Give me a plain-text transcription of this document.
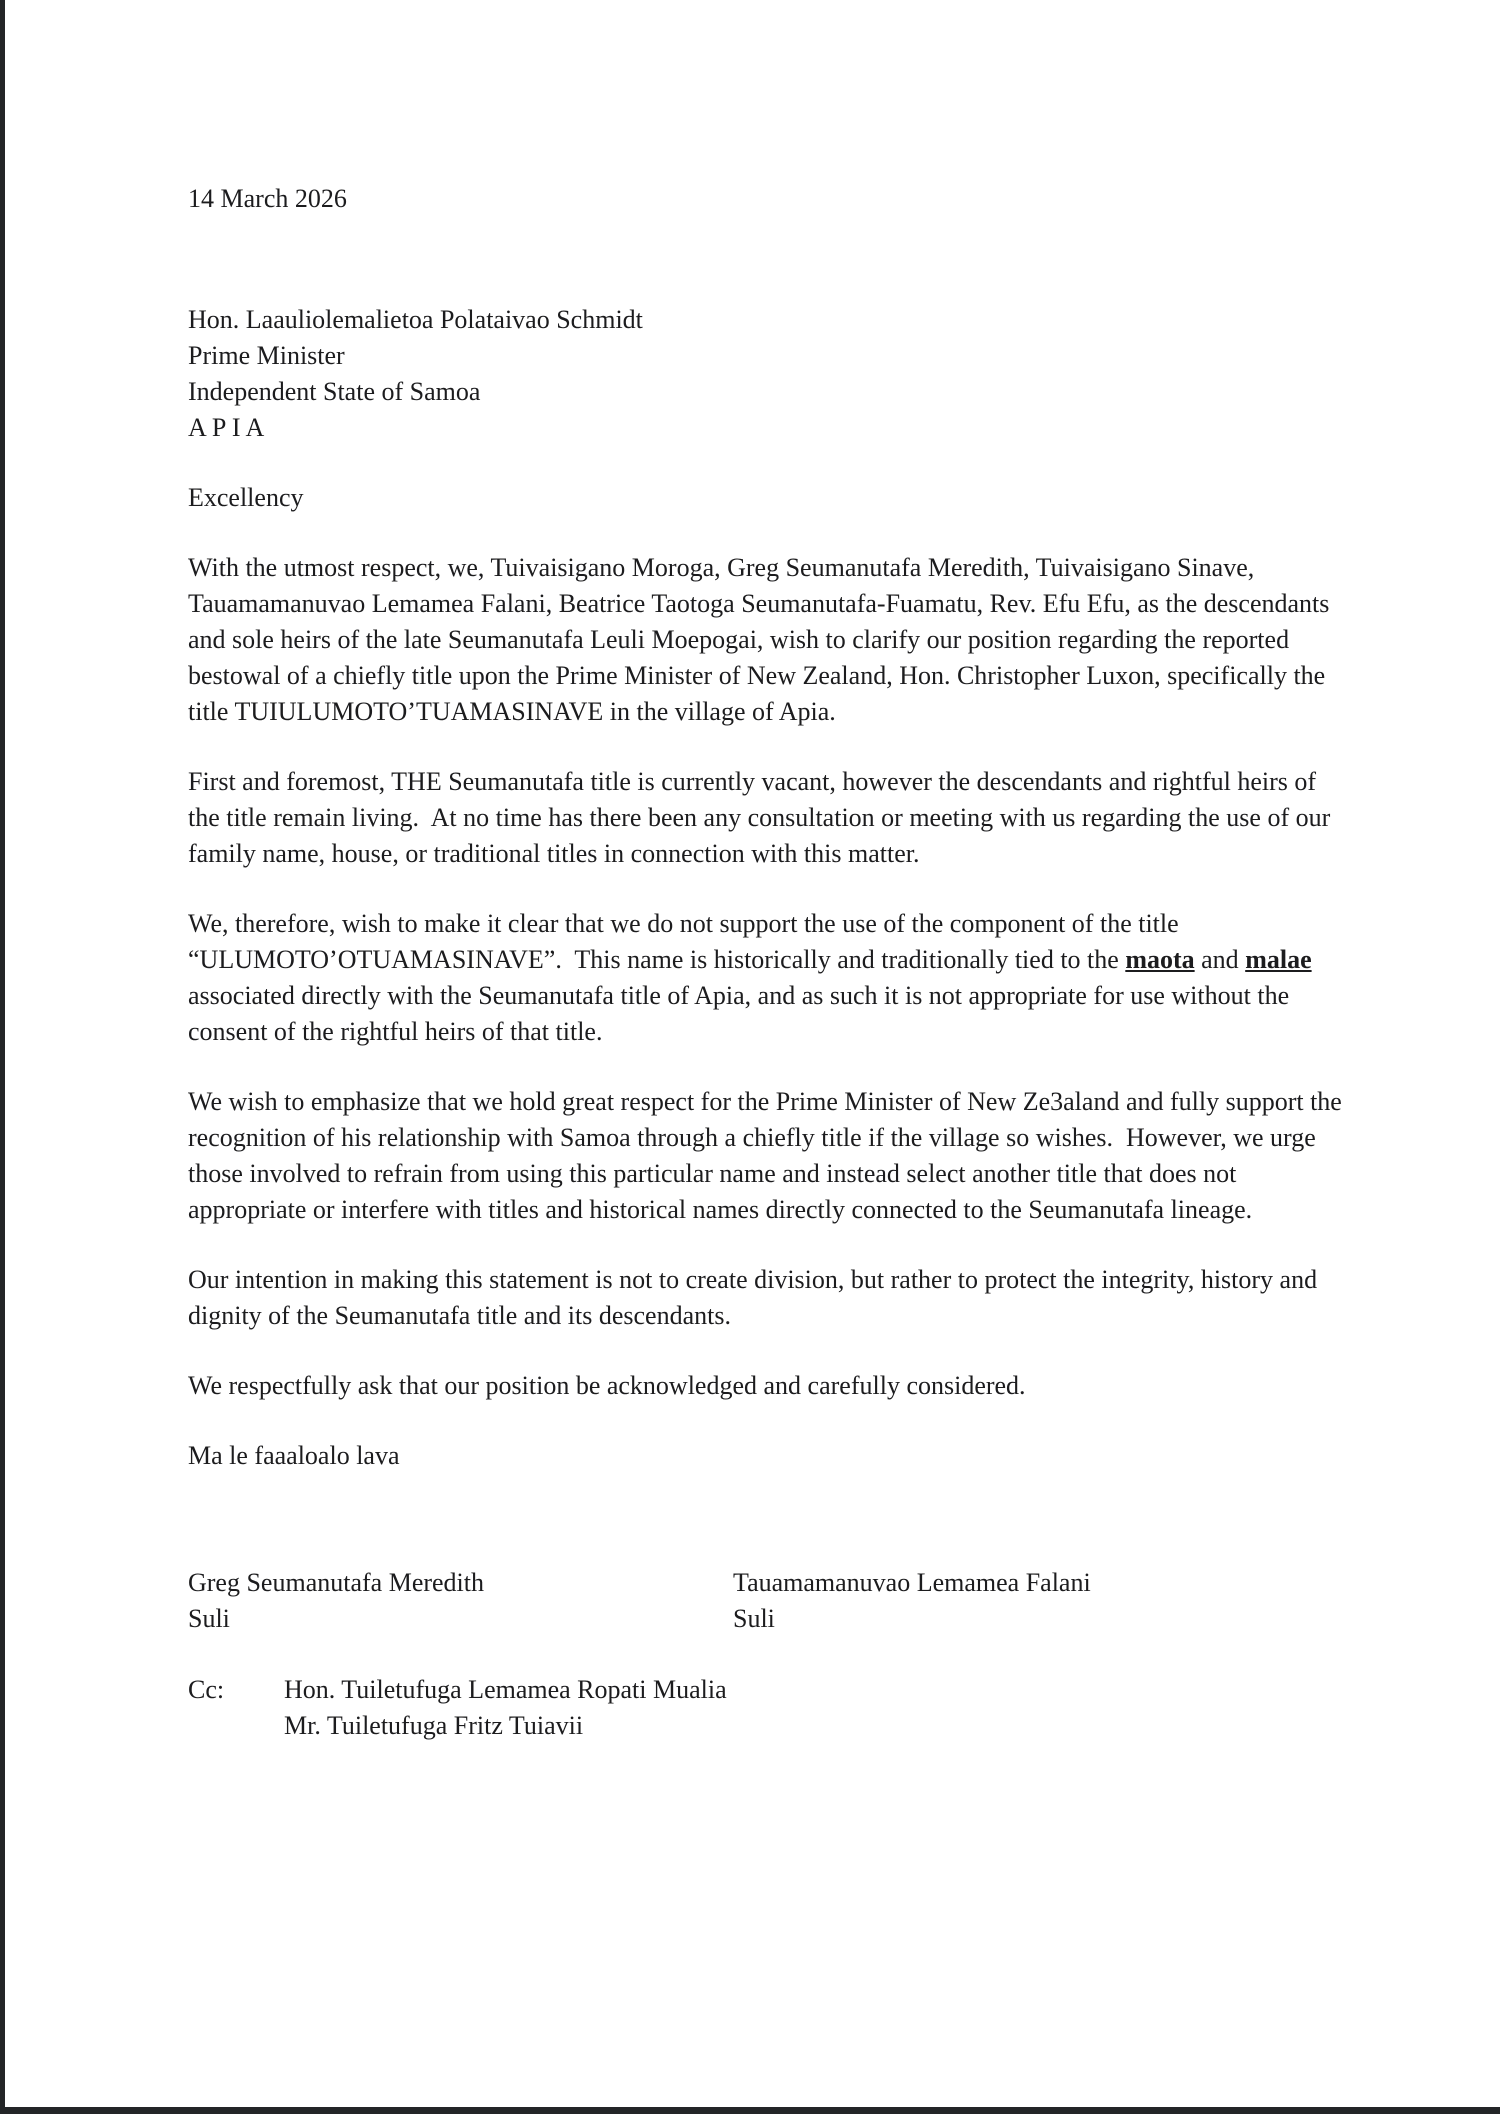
14 March 2026
Hon. Laauliolemalietoa Polataivao Schmidt
Prime Minister
Independent State of Samoa
A P I A
Excellency

With the utmost respect, we, Tuivaisigano Moroga, Greg Seumanutafa Meredith, Tuivaisigano Sinave, Tauamamanuvao Lemamea Falani, Beatrice Taotoga Seumanutafa-Fuamatu, Rev. Efu Efu, as the descendants and sole heirs of the late Seumanutafa Leuli Moepogai, wish to clarify our position regarding the reported bestowal of a chiefly title upon the Prime Minister of New Zealand, Hon. Christopher Luxon, specifically the title TUIULUMOTO’TUAMASINAVE in the village of Apia.

First and foremost, THE Seumanutafa title is currently vacant, however the descendants and rightful heirs of the title remain living.  At no time has there been any consultation or meeting with us regarding the use of our family name, house, or traditional titles in connection with this matter.

We, therefore, wish to make it clear that we do not support the use of the component of the title “ULUMOTO’OTUAMASINAVE”.  This name is historically and traditionally tied to the maota and malae associated directly with the Seumanutafa title of Apia, and as such it is not appropriate for use without the consent of the rightful heirs of that title.

We wish to emphasize that we hold great respect for the Prime Minister of New Ze3aland and fully support the recognition of his relationship with Samoa through a chiefly title if the village so wishes.  However, we urge those involved to refrain from using this particular name and instead select another title that does not appropriate or interfere with titles and historical names directly connected to the Seumanutafa lineage.

Our intention in making this statement is not to create division, but rather to protect the integrity, history and dignity of the Seumanutafa title and its descendants.

We respectfully ask that our position be acknowledged and carefully considered.

Ma le faaaloalo lava

Greg Seumanutafa Meredith
Suli
Tauamamanuvao Lemamea Falani
Suli
Cc:	Hon. Tuiletufuga Lemamea Ropati Mualia
Mr. Tuiletufuga Fritz Tuiavii
